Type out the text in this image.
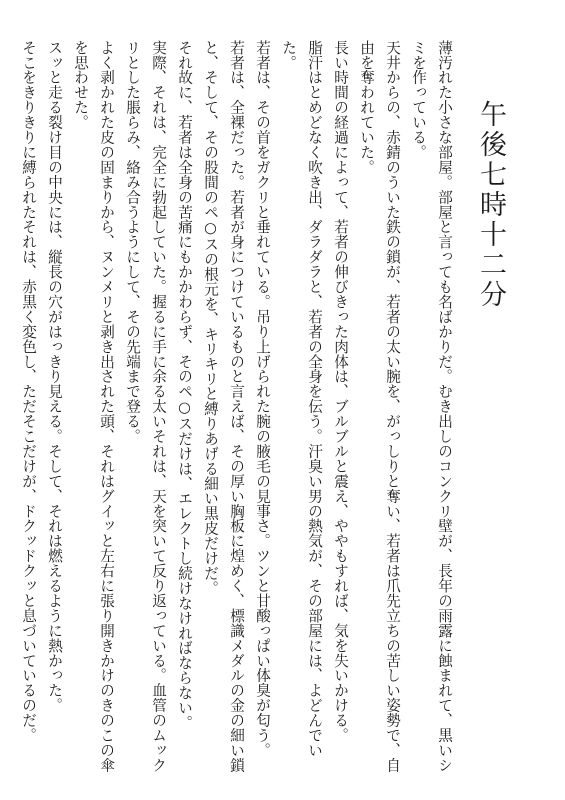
午後七時十二分

薄汚れた小さな部屋。部屋と言っても名ばかりだ。むき出しのコンクリ壁が、長年の雨露に蝕まれて、黒いシミを作っている。

天井からの、赤錆のういた鉄の鎖が、若者の太い腕を、がっしりと奪い、若者は爪先立ちの苦しい姿勢で、自由を奪われていた。

長い時間の経過によって、若者の伸びきった肉体は、ブルブルと震え、ややもすれば、気を失いかける。

脂汗はとめどなく吹き出、ダラダラと、若者の全身を伝う。汗臭い男の熱気が、その部屋には、よどんでいた。

若者は、その首をガクリと垂れている。吊り上げられた腕の腋毛の見事さ。ツンと甘酸っぱい体臭が匂う。

若者は、全裸だった。若者が身につけているものと言えば、その厚い胸板に煌めく、標識メダルの金の細い鎖と、そして、その股間のペ○スの根元を、キリキリと縛りあげる細い黒皮だけだ。

それ故に、若者は全身の苦痛にもかかわらず、そのペ○スだけは、エレクトし続けなければならない。

実際、それは、完全に勃起していた。握るに手に余る太いそれは、天を突いて反り返っている。血管のムックリとした脹らみ、絡み合うようにして、その先端まで登る。

よく剥かれた皮の固まりから、ヌンメリと剥き出された頭、それはグイッと左右に張り開きかけのきのこの傘を思わせた。

スッと走る裂け目の中央には、縦長の穴がはっきり見える。そして、それは燃えるように熱かった。

そこをきりきりに縛られたそれは、赤黒く変色し、ただそこだけが、ドクッドクッと息づいているのだ。
